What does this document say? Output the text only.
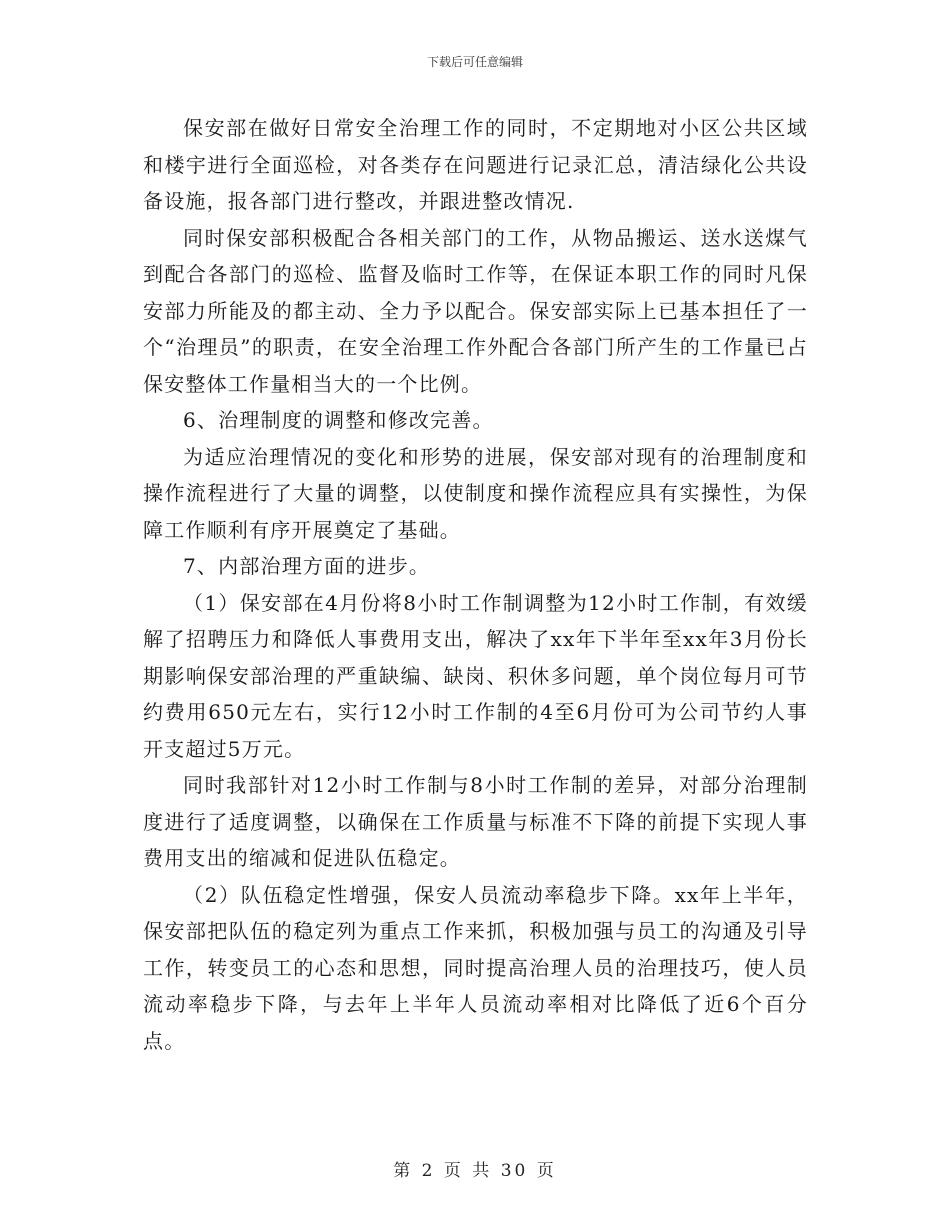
下载后可任意编辑

保安部在做好日常安全治理工作的同时，不定期地对小区公共区域和楼宇进行全面巡检，对各类存在问题进行记录汇总，清洁绿化公共设备设施，报各部门进行整改，并跟进整改情况.

同时保安部积极配合各相关部门的工作，从物品搬运、送水送煤气到配合各部门的巡检、监督及临时工作等，在保证本职工作的同时凡保安部力所能及的都主动、全力予以配合。保安部实际上已基本担任了一个“治理员”的职责，在安全治理工作外配合各部门所产生的工作量已占保安整体工作量相当大的一个比例。

6、治理制度的调整和修改完善。

为适应治理情况的变化和形势的进展，保安部对现有的治理制度和操作流程进行了大量的调整，以使制度和操作流程应具有实操性，为保障工作顺利有序开展奠定了基础。

7、内部治理方面的进步。

（1）保安部在4月份将8小时工作制调整为12小时工作制，有效缓解了招聘压力和降低人事费用支出，解决了xx年下半年至xx年3月份长期影响保安部治理的严重缺编、缺岗、积休多问题，单个岗位每月可节约费用650元左右，实行12小时工作制的4至6月份可为公司节约人事开支超过5万元。

同时我部针对12小时工作制与8小时工作制的差异，对部分治理制度进行了适度调整，以确保在工作质量与标准不下降的前提下实现人事费用支出的缩减和促进队伍稳定。

（2）队伍稳定性增强，保安人员流动率稳步下降。xx年上半年，保安部把队伍的稳定列为重点工作来抓，积极加强与员工的沟通及引导工作，转变员工的心态和思想，同时提高治理人员的治理技巧，使人员流动率稳步下降，与去年上半年人员流动率相对比降低了近6个百分点。

第 2 页 共 30 页
